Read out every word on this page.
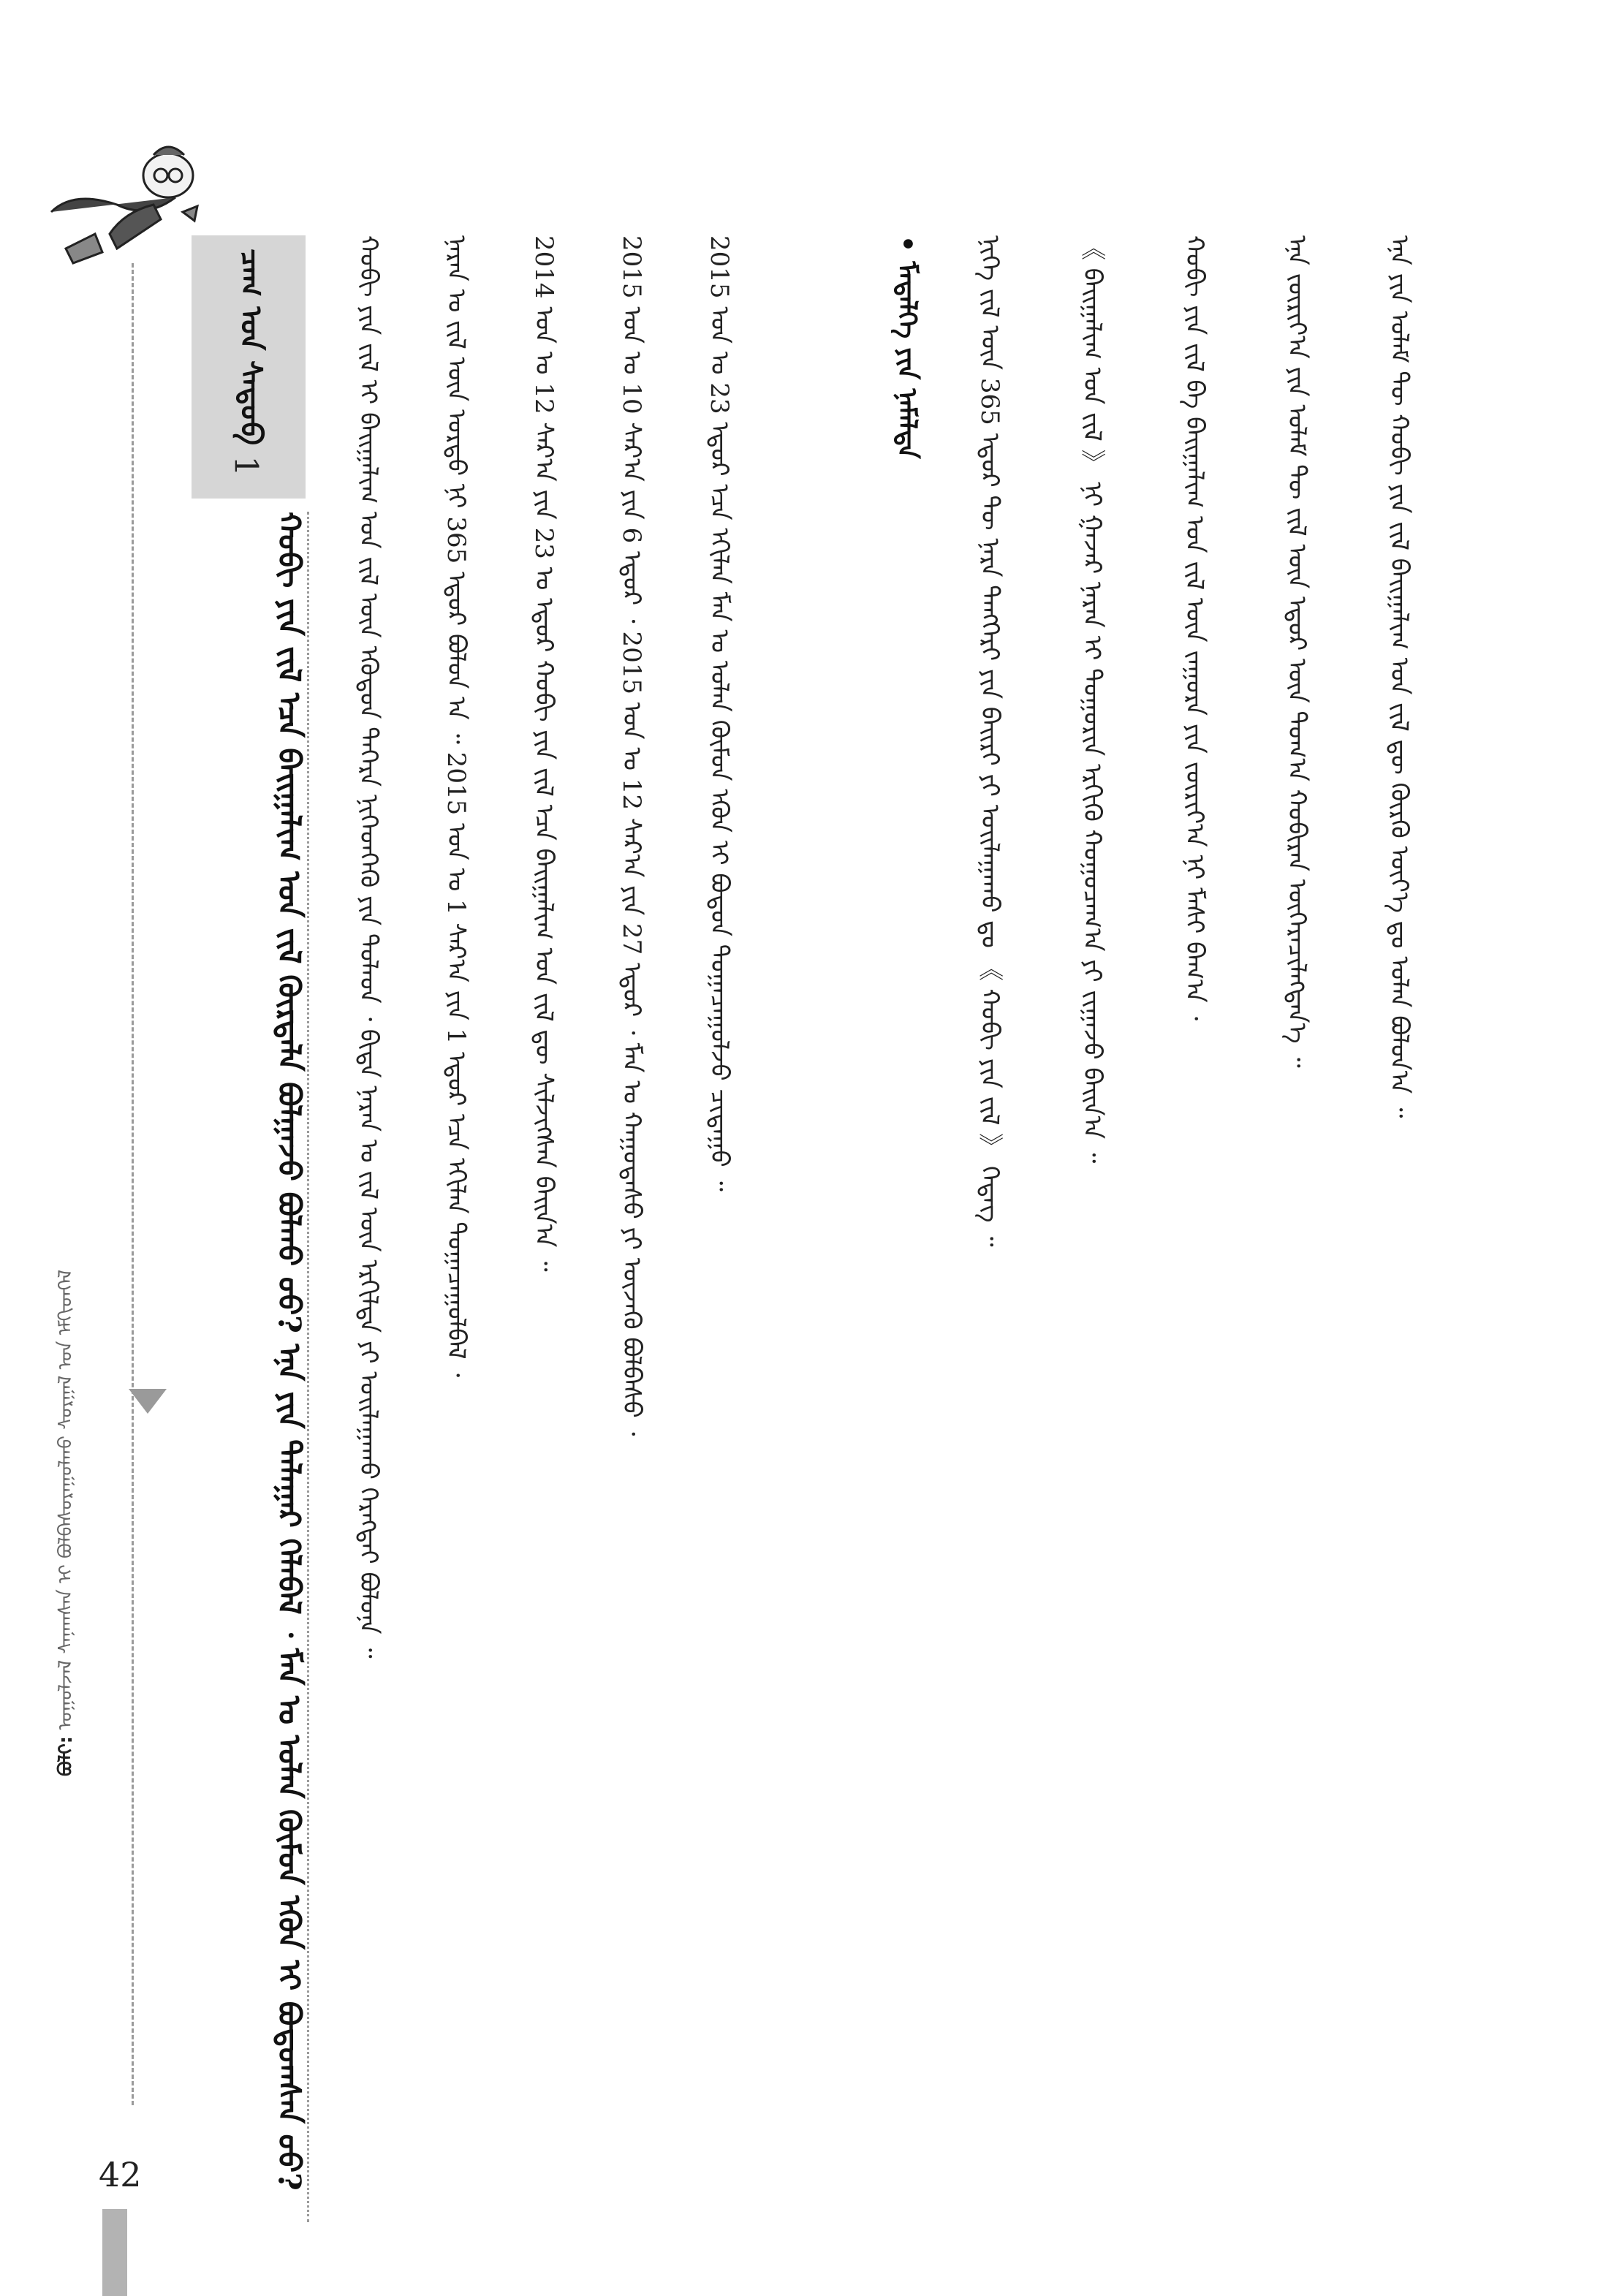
ᠪᠣᠯᠢ: ᠤᠭᠤᠯᠵᠠᠯ ᠰᠠᠨᠠᠭᠰᠠᠨ ᠢ ᠪᠣᠯᠪᠠᠰᠤᠷᠠᠭᠤᠯᠬᠤ ᠰᠤᠷᠭᠠᠯ ᠤᠨ ᠡᠮᠬᠢᠳᠬᠡᠯ
ᠴᠠᠭ ᠤᠨ ᠰᠡᠳᠦᠪ
1
ᠬᠤᠪᠢ ᠶᠢᠨ ᠵᠢᠯ ᠡᠴᠡ ᠪᠠᠢᠭᠠᠯᠢᠭ ᠤᠨ ᠵᠢᠯ ᠬᠦᠷᠲᠡᠯᠡ ᠪᠣᠯᠭᠠᠵᠤ ᠪᠣᠯᠬᠤ ᠤᠤ? ᠡᠨᠡ ᠶᠢᠨ ᠲᠠᠯᠠᠭᠠᠷ ᠬᠡᠯᠡᠪᠡᠯ ᠂ ᠮᠠᠨ ᠤ ᠣᠯᠠᠨ ᠬᠦᠮᠦᠨ ᠡᠭᠦᠨ ᠢ ᠪᠣᠳᠣᠭᠰᠠᠨ ᠤᠤ? ᠬᠤᠪᠢ ᠶᠢᠨ ᠵᠢᠯ ᠢ ᠪᠠᠢᠭᠠᠯᠢᠭ ᠤᠨ ᠵᠢᠯ ᠦᠨ ᠡᠭᠦᠳᠦᠨ ᠳᠡᠭᠡᠷᠡ ᠨᠢᠭᠡᠳᠬᠡᠬᠦ ᠶᠢᠨ ᠲᠤᠯᠠᠳ ᠂ ᠪᠢᠳᠡ ᠨᠠᠷᠠᠨ ᠤ ᠵᠢᠯ ᠦᠨ ᠡᠷᠭᠢᠯᠲᠡ ᠶᠢ ᠣᠢᠯᠠᠭᠠᠬᠤ ᠬᠡᠷᠡᠭᠲᠡᠢ ᠪᠣᠯᠤᠨᠠ ᠃ ᠨᠠᠷᠠᠨ ᠤ ᠵᠢᠯ ᠦᠨ ᠤᠷᠲᠤ ᠨᠢ 365 ᠡᠳᠦᠷ ᠪᠣᠯᠤᠨ ᠠ ᠃ 2015 ᠣᠨ ᠤ 1 ᠰᠠᠷ᠎ᠠ ᠶᠢᠨ 1 ᠡᠳᠦᠷ ᠡᠴᠡ ᠡᠬᠢᠯᠡᠨ ᠲᠣᠭᠠᠴᠠᠭᠤᠯᠪᠠᠯ ᠂ 2014 ᠣᠨ ᠤ 12 ᠰᠠᠷ᠎ᠠ ᠶᠢᠨ 23 ᠤ ᠡᠳᠦᠷ ᠬᠤᠪᠢ ᠶᠢᠨ ᠵᠢᠯ ᠡᠴᠡ ᠪᠠᠢᠭᠠᠯᠢᠭ ᠤᠨ ᠵᠢᠯ ᠳᠦ ᠰᠢᠯᠵᠢᠭᠰᠡᠨ ᠪᠠᠢᠨ᠎ᠠ ᠃ 2015 ᠣᠨ ᠤ 10 ᠰᠠᠷ᠎ᠠ ᠶᠢᠨ 6 ᠡᠳᠦᠷ ᠂ 2015 ᠣᠨ ᠤ 12 ᠰᠠᠷ᠎ᠠ ᠶᠢᠨ 27 ᠡᠳᠦᠷ ᠂ ᠮᠠᠨ ᠤ ᠬᠠᠭᠤᠳᠠᠰᠤ ᠶᠢ ᠦᠵᠡᠬᠦ ᠪᠣᠯᠪᠠᠰᠤ ᠂ 2015 ᠣᠨ ᠤ 23 ᠡᠳᠦᠷ ᠡᠴᠡ ᠡᠬᠢᠯᠡᠨ ᠮᠠᠨ ᠤ ᠣᠯᠠᠨ ᠬᠦᠮᠦᠨ ᠡᠭᠦᠨ ᠢ ᠪᠣᠳᠣᠨ ᠲᠣᠭᠠᠴᠠᠭᠤᠯᠵᠤ ᠴᠢᠳᠠᠭᠤ ᠃	• ᠮᠡᠳᠡᠯᠭᠡ ᠶᠢᠨ ᠨᠡᠮᠡᠯᠲᠡ	ᠨᠢᠭᠡ ᠵᠢᠯ ᠦᠨ 365 ᠡᠳᠦᠷ ᠲᠦ ᠨᠠᠷᠠ ᠲᠡᠩᠭᠡᠷᠢ ᠶᠢᠨ ᠪᠠᠢᠷᠢ ᠶᠢ ᠣᠢᠯᠠᠭᠠᠬᠤ ᠳᠤ 《 ᠬᠤᠪᠢ ᠶᠢᠨ ᠵᠢᠯ 》 ᠭᠡᠳᠡᠭ ᠃	《 ᠪᠠᠢᠭᠠᠯᠢᠭ ᠤᠨ ᠵᠢᠯ 》 ᠨᠢ ᠭᠠᠵᠠᠷ ᠨᠠᠷᠠᠨ ᠢ ᠲᠣᠭᠣᠷᠢᠨ ᠡᠷᠭᠢᠬᠦ ᠬᠤᠭᠤᠴᠠᠭ᠎ᠠ ᠶᠢ ᠵᠢᠭᠠᠵᠤ ᠪᠠᠢᠨ᠎ᠠ ᠃	ᠬᠤᠪᠢ ᠶᠢᠨ ᠵᠢᠯ ᠪᠠ ᠪᠠᠢᠭᠠᠯᠢᠭ ᠤᠨ ᠵᠢᠯ ᠦᠨ ᠵᠠᠭᠤᠷᠠ ᠶᠢᠨ ᠵᠥᠷᠢᠶ᠎ᠠ ᠨᠢ ᠮᠠᠰᠢ ᠪᠠᠭ᠎ᠠ ᠂	ᠡᠨᠡ ᠵᠥᠷᠢᠶ᠎ᠠ ᠶᠢᠨ ᠤᠯᠠᠮ ᠲᠦ ᠵᠢᠯ ᠦᠨ ᠡᠳᠦᠷ ᠦᠨ ᠲᠣᠭ᠎ᠠ ᠬᠤᠪᠢᠷᠠᠨ ᠥᠭᠡᠷᠡᠴᠢᠯᠡᠭᠳᠡᠨ᠎ᠡ ᠃	ᠡᠨᠡ ᠶᠢᠨ ᠤᠯᠠᠮ ᠲᠦ ᠬᠤᠪᠢ ᠶᠢᠨ ᠵᠢᠯ ᠪᠠᠢᠭᠠᠯᠢᠭ ᠤᠨ ᠵᠢᠯ ᠳᠦ ᠬᠦᠷᠬᠦ ᠦᠶ᠎ᠡ ᠳᠤ ᠣᠯᠠᠨ ᠪᠣᠯᠤᠨ᠎ᠠ ᠃
42
